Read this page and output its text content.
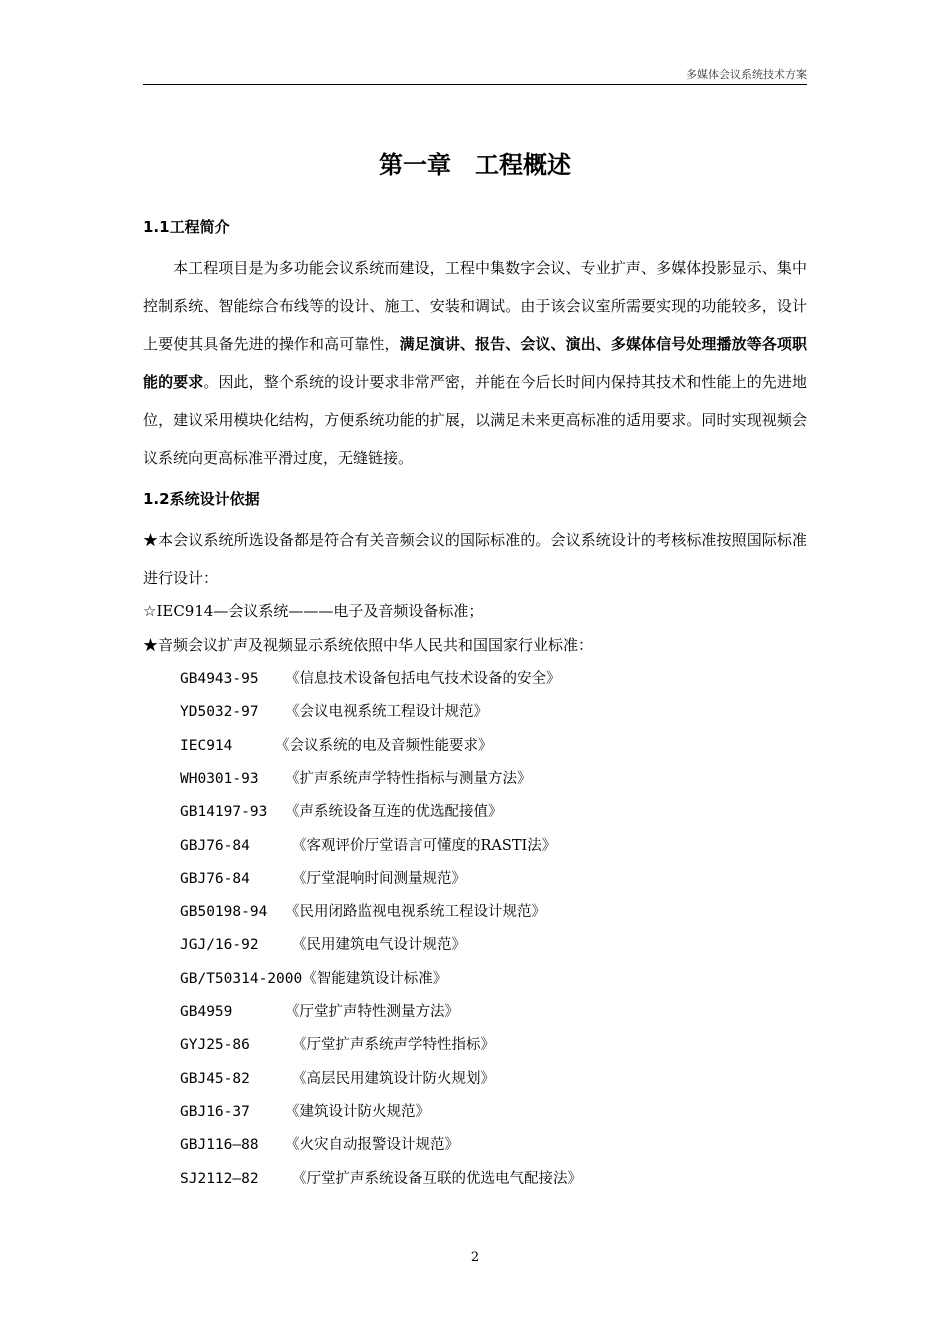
多媒体会议系统技术方案
第一章　工程概述
1.1工程简介
本工程项目是为多功能会议系统而建设，工程中集数字会议、专业扩声、多媒体投影显示、集中控制系统、智能综合布线等的设计、施工、安装和调试。由于该会议室所需要实现的功能较多，设计上要使其具备先进的操作和高可靠性，满足演讲、报告、会议、演出、多媒体信号处理播放等各项职能的要求。因此，整个系统的设计要求非常严密，并能在今后长时间内保持其技术和性能上的先进地位，建议采用模块化结构，方便系统功能的扩展，以满足未来更高标准的适用要求。同时实现视频会议系统向更高标准平滑过度，无缝链接。
1.2系统设计依据
★本会议系统所选设备都是符合有关音频会议的国际标准的。会议系统设计的考核标准按照国际标准进行设计：
☆IEC914—会议系统———电子及音频设备标准；
★音频会议扩声及视频显示系统依照中华人民共和国国家行业标准：
GB4943-95 《信息技术设备包括电气技术设备的安全》
YD5032-97 《会议电视系统工程设计规范》
IEC914	《会议系统的电及音频性能要求》
WH0301-93 《扩声系统声学特性指标与测量方法》
GB14197-93 《声系统设备互连的优选配接值》
GBJ76-84	《客观评价厅堂语言可懂度的RASTI法》
GBJ76-84	《厅堂混响时间测量规范》
GB50198-94 《民用闭路监视电视系统工程设计规范》
JGJ/16-92 《民用建筑电气设计规范》
GB/T50314-2000《智能建筑设计标准》
GB4959	《厅堂扩声特性测量方法》
GYJ25-86	《厅堂扩声系统声学特性指标》
GBJ45-82	《高层民用建筑设计防火规划》
GBJ16-37 《建筑设计防火规范》
GBJ116—88 《火灾自动报警设计规范》
SJ2112—82 《厅堂扩声系统设备互联的优选电气配接法》
2
